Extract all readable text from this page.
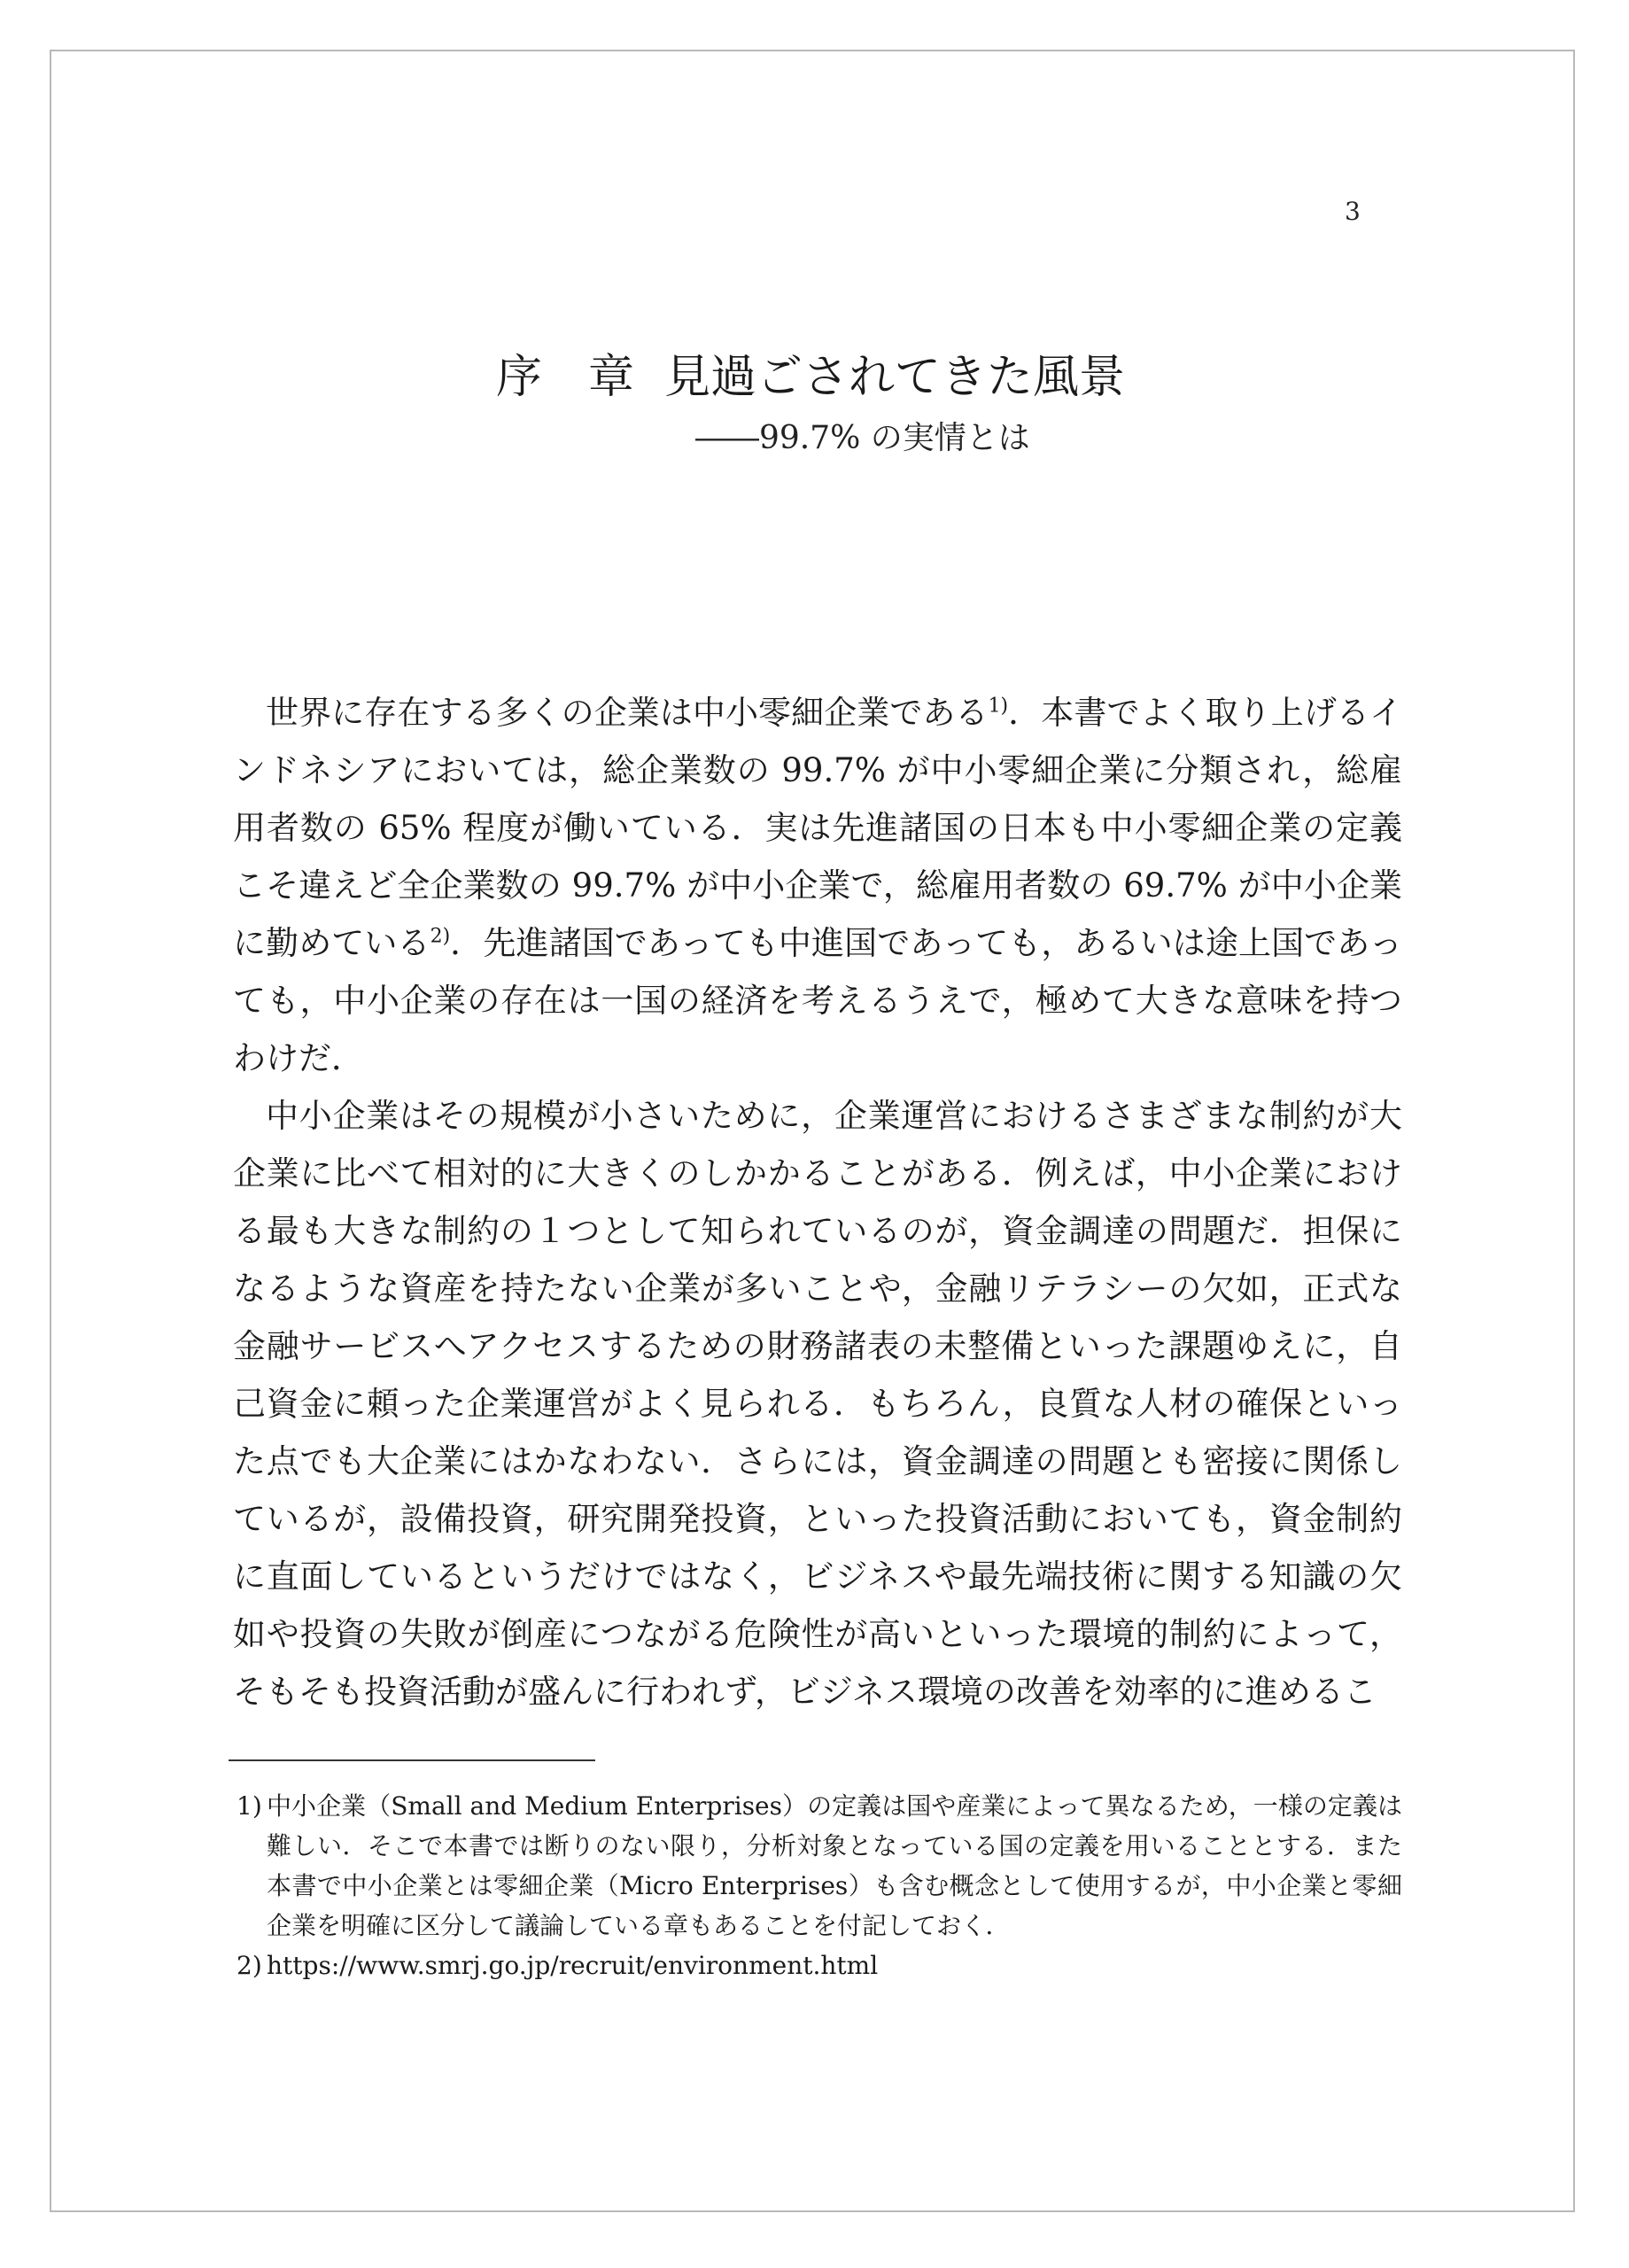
3
序　章 見過ごされてきた風景
――99.7% の実情とは

世界に存在する多くの企業は中小零細企業である$^{1)}$．本書でよく取り上げるインドネシアにおいては，総企業数の 99.7% が中小零細企業に分類され，総雇用者数の 65% 程度が働いている．実は先進諸国の日本も中小零細企業の定義こそ違えど全企業数の 99.7% が中小企業で，総雇用者数の 69.7% が中小企業に勤めている$^{2)}$．先進諸国であっても中進国であっても，あるいは途上国であっても，中小企業の存在は一国の経済を考えるうえで，極めて大きな意味を持つわけだ．

中小企業はその規模が小さいために，企業運営におけるさまざまな制約が大企業に比べて相対的に大きくのしかかることがある．例えば，中小企業における最も大きな制約の１つとして知られているのが，資金調達の問題だ．担保になるような資産を持たない企業が多いことや，金融リテラシーの欠如，正式な金融サービスへアクセスするための財務諸表の未整備といった課題ゆえに，自己資金に頼った企業運営がよく見られる．もちろん，良質な人材の確保といった点でも大企業にはかなわない．さらには，資金調達の問題とも密接に関係しているが，設備投資，研究開発投資，といった投資活動においても，資金制約に直面しているというだけではなく，ビジネスや最先端技術に関する知識の欠如や投資の失敗が倒産につながる危険性が高いといった環境的制約によって，そもそも投資活動が盛んに行われず，ビジネス環境の改善を効率的に進めるこ

1) 中小企業（Small and Medium Enterprises）の定義は国や産業によって異なるため，一様の定義は難しい．そこで本書では断りのない限り，分析対象となっている国の定義を用いることとする．また本書で中小企業とは零細企業（Micro Enterprises）も含む概念として使用するが，中小企業と零細企業を明確に区分して議論している章もあることを付記しておく．
2) https://www.smrj.go.jp/recruit/environment.html
